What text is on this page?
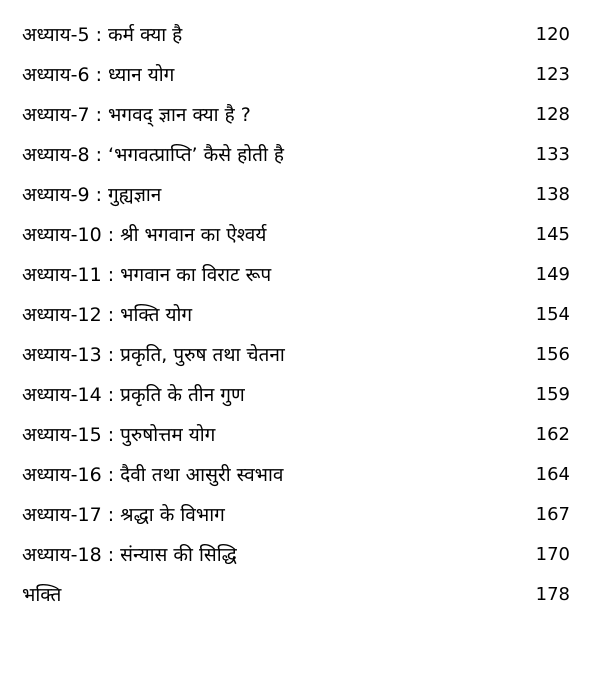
अध्याय-5 : कर्म क्या है	120
अध्याय-6 : ध्यान योग	123
अध्याय-7 : भगवद् ज्ञान क्या है ?	128
अध्याय-8 : ‘भगवत्प्राप्ति’ कैसे होती है	133
अध्याय-9 : गुह्यज्ञान	138
अध्याय-10 : श्री भगवान का ऐश्वर्य	145
अध्याय-11 : भगवान का विराट रूप	149
अध्याय-12 : भक्ति योग	154
अध्याय-13 : प्रकृति, पुरुष तथा चेतना	156
अध्याय-14 : प्रकृति के तीन गुण	159
अध्याय-15 : पुरुषोत्तम योग	162
अध्याय-16 : दैवी तथा आसुरी स्वभाव	164
अध्याय-17 : श्रद्धा के विभाग	167
अध्याय-18 : संन्यास की सिद्धि	170
भक्ति	178
